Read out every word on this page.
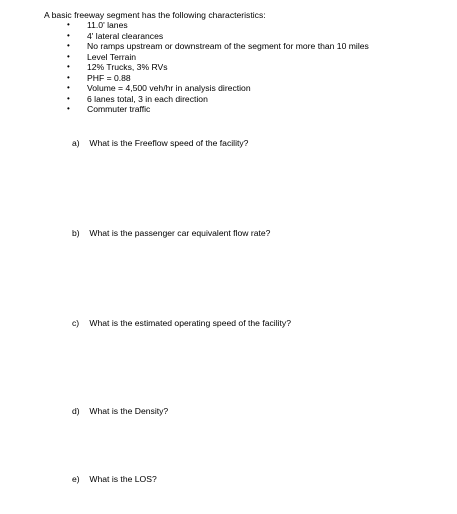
A basic freeway segment has the following characteristics:
•	11.0' lanes
•	4' lateral clearances
•	No ramps upstream or downstream of the segment for more than 10 miles
•	Level Terrain
•	12% Trucks, 3% RVs
•	PHF = 0.88
•	Volume = 4,500 veh/hr in analysis direction
•	6 lanes total, 3 in each direction
•	Commuter traffic
a) What is the Freeflow speed of the facility?
b) What is the passenger car equivalent flow rate?
c) What is the estimated operating speed of the facility?
d) What is the Density?
e) What is the LOS?
